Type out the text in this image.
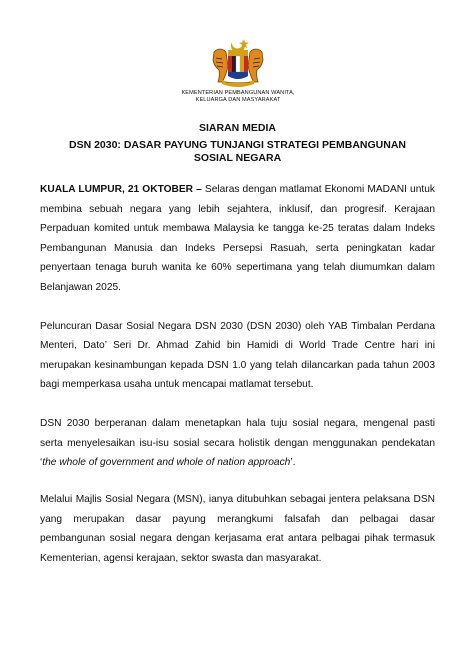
KEMENTERIAN PEMBANGUNAN WANITA,
KELUARGA DAN MASYARAKAT
SIARAN MEDIA
DSN 2030: DASAR PAYUNG TUNJANGI STRATEGI PEMBANGUNAN
SOSIAL NEGARA

KUALA LUMPUR, 21 OKTOBER – Selaras dengan matlamat Ekonomi MADANI untuk membina sebuah negara yang lebih sejahtera, inklusif, dan progresif. Kerajaan Perpaduan komited untuk membawa Malaysia ke tangga ke-25 teratas dalam Indeks Pembangunan Manusia dan Indeks Persepsi Rasuah, serta peningkatan kadar penyertaan tenaga buruh wanita ke 60% sepertimana yang telah diumumkan dalam Belanjawan 2025.

Peluncuran Dasar Sosial Negara DSN 2030 (DSN 2030) oleh YAB Timbalan Perdana Menteri, Dato’ Seri Dr. Ahmad Zahid bin Hamidi di World Trade Centre hari ini merupakan kesinambungan kepada DSN 1.0 yang telah dilancarkan pada tahun 2003 bagi memperkasa usaha untuk mencapai matlamat tersebut.

DSN 2030 berperanan dalam menetapkan hala tuju sosial negara, mengenal pasti serta menyelesaikan isu-isu sosial secara holistik dengan menggunakan pendekatan ‘the whole of government and whole of nation approach’.

Melalui Majlis Sosial Negara (MSN), ianya ditubuhkan sebagai jentera pelaksana DSN yang merupakan dasar payung merangkumi falsafah dan pelbagai dasar pembangunan sosial negara dengan kerjasama erat antara pelbagai pihak termasuk Kementerian, agensi kerajaan, sektor swasta dan masyarakat.
